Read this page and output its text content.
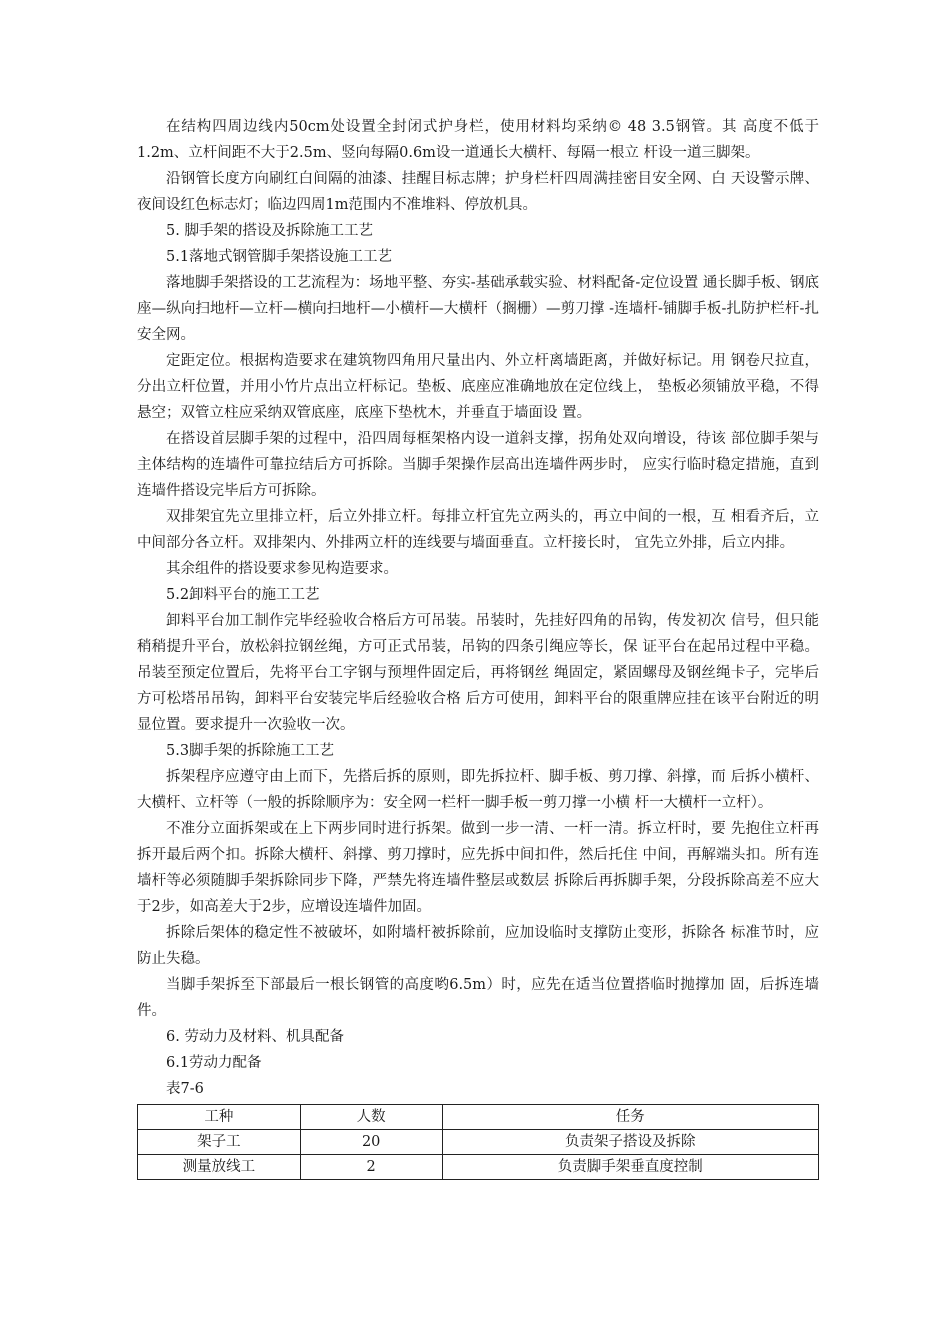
在结构四周边线内50cm处设置全封闭式护身栏，使用材料均采纳© 48 3.5钢管。其 高度不低于1.2m、立杆间距不大于2.5m、竖向每隔0.6m设一道通长大横杆、每隔一根立 杆设一道三脚架。

沿钢管长度方向刷红白间隔的油漆、挂醒目标志牌；护身栏杆四周满挂密目安全网、白 天设警示牌、夜间设红色标志灯；临边四周1m范围内不准堆料、停放机具。

5. 脚手架的搭设及拆除施工工艺

5.1落地式钢管脚手架搭设施工工艺

落地脚手架搭设的工艺流程为：场地平整、夯实-基础承载实验、材料配备-定位设置 通长脚手板、钢底座—纵向扫地杆—立杆—横向扫地杆—小横杆—大横杆（搁栅）—剪刀撑 -连墙杆-铺脚手板-扎防护栏杆-扎安全网。

定距定位。根据构造要求在建筑物四角用尺量出内、外立杆离墙距离，并做好标记。用 钢卷尺拉直，分出立杆位置，并用小竹片点出立杆标记。垫板、底座应准确地放在定位线上， 垫板必须铺放平稳，不得悬空；双管立柱应采纳双管底座，底座下垫枕木，并垂直于墙面设 置。

在搭设首层脚手架的过程中，沿四周每框架格内设一道斜支撑，拐角处双向增设，待该 部位脚手架与主体结构的连墙件可靠拉结后方可拆除。当脚手架操作层高出连墙件两步时， 应实行临时稳定措施，直到连墙件搭设完毕后方可拆除。

双排架宜先立里排立杆，后立外排立杆。每排立杆宜先立两头的，再立中间的一根，互 相看齐后，立中间部分各立杆。双排架内、外排两立杆的连线要与墙面垂直。立杆接长时， 宜先立外排，后立内排。

其余组件的搭设要求参见构造要求。

5.2卸料平台的施工工艺

卸料平台加工制作完毕经验收合格后方可吊装。吊装时，先挂好四角的吊钩，传发初次 信号，但只能稍稍提升平台，放松斜拉钢丝绳，方可正式吊装，吊钩的四条引绳应等长，保 证平台在起吊过程中平稳。吊装至预定位置后，先将平台工字钢与预埋件固定后，再将钢丝 绳固定，紧固螺母及钢丝绳卡子，完毕后方可松塔吊吊钩，卸料平台安装完毕后经验收合格 后方可使用，卸料平台的限重牌应挂在该平台附近的明显位置。要求提升一次验收一次。

5.3脚手架的拆除施工工艺

拆架程序应遵守由上而下，先搭后拆的原则，即先拆拉杆、脚手板、剪刀撑、斜撑，而 后拆小横杆、大横杆、立杆等（一般的拆除顺序为：安全网一栏杆一脚手板一剪刀撑一小横 杆一大横杆一立杆）。

不准分立面拆架或在上下两步同时进行拆架。做到一步一清、一杆一清。拆立杆时，要 先抱住立杆再拆开最后两个扣。拆除大横杆、斜撑、剪刀撑时，应先拆中间扣件，然后托住 中间，再解端头扣。所有连墙杆等必须随脚手架拆除同步下降，严禁先将连墙件整层或数层 拆除后再拆脚手架，分段拆除高差不应大于2步，如高差大于2步，应增设连墙件加固。

拆除后架体的稳定性不被破坏，如附墙杆被拆除前，应加设临时支撑防止变形，拆除各 标准节时，应防止失稳。

当脚手架拆至下部最后一根长钢管的高度哟6.5m）时，应先在适当位置搭临时抛撑加 固，后拆连墙件。

6. 劳动力及材料、机具配备

6.1劳动力配备

表7-6

工种	人数	任务
架子工	20	负责架子搭设及拆除
测量放线工	2	负责脚手架垂直度控制
